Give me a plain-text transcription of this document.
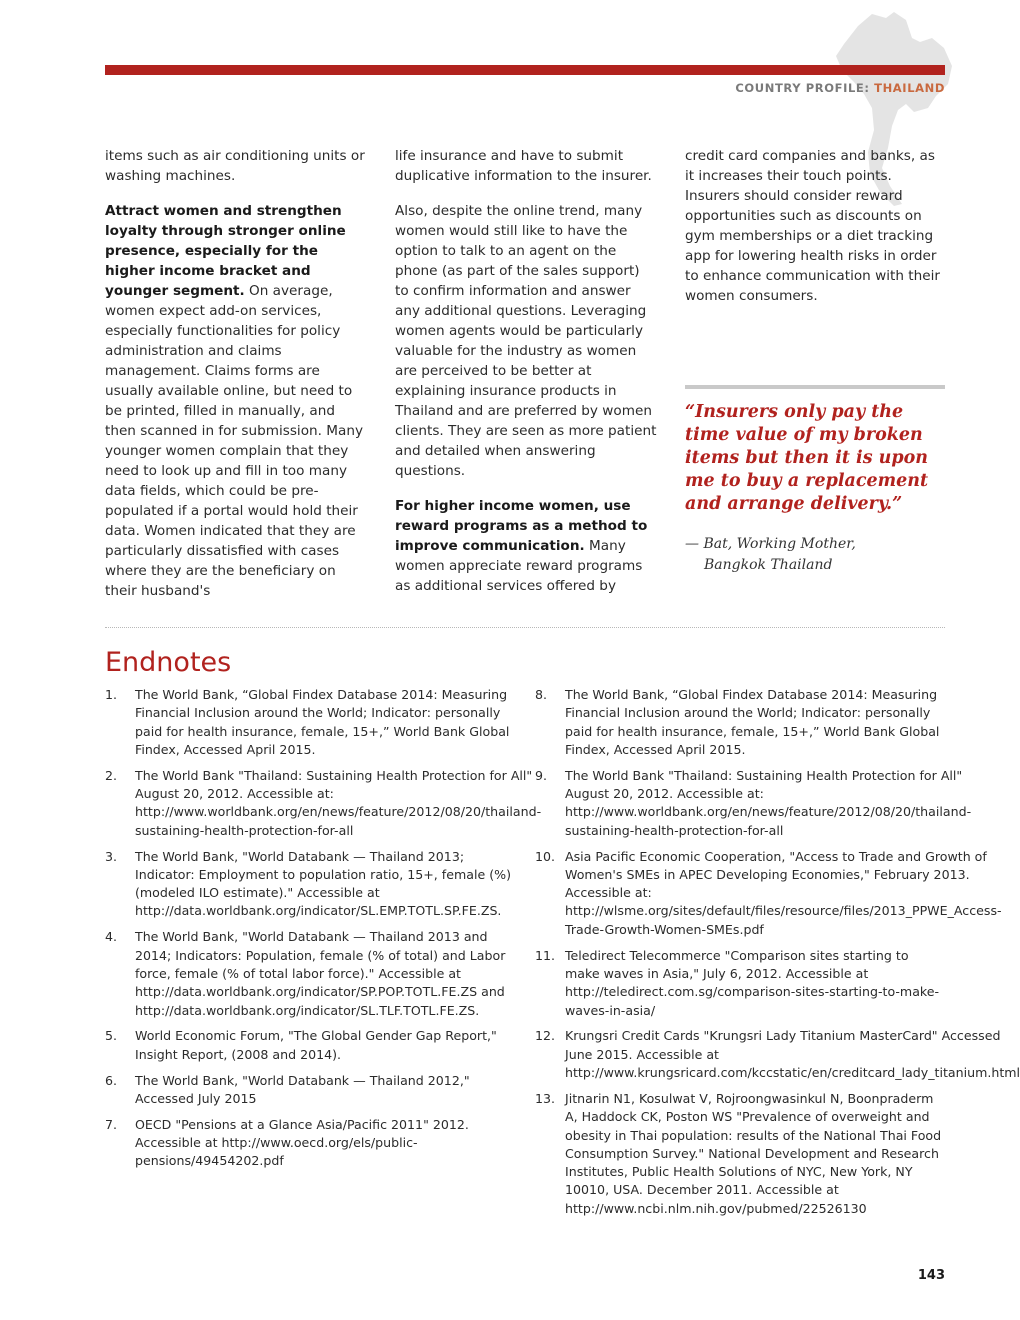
COUNTRY PROFILE: THAILAND

items such as air conditioning units or washing machines.

Attract women and strengthen loyalty through stronger online presence, especially for the higher income bracket and younger segment. On average, women expect add-on services, especially functionalities for policy administration and claims management. Claims forms are usually available online, but need to be printed, filled in manually, and then scanned in for submission. Many younger women complain that they need to look up and fill in too many data fields, which could be pre-populated if a portal would hold their data. Women indicated that they are particularly dissatisfied with cases where they are the beneficiary on their husband's

life insurance and have to submit duplicative information to the insurer.

Also, despite the online trend, many women would still like to have the option to talk to an agent on the phone (as part of the sales support) to confirm information and answer any additional questions. Leveraging women agents would be particularly valuable for the industry as women are perceived to be better at explaining insurance products in Thailand and are preferred by women clients. They are seen as more patient and detailed when answering questions.

For higher income women, use reward programs as a method to improve communication. Many women appreciate reward programs as additional services offered by

credit card companies and banks, as it increases their touch points. Insurers should consider reward opportunities such as discounts on gym memberships or a diet tracking app for lowering health risks in order to enhance communication with their women consumers.

“Insurers only pay the time value of my broken items but then it is upon me to buy a replacement and arrange delivery.”
— Bat, Working Mother,
Bangkok Thailand
Endnotes
1.	The World Bank, “Global Findex Database 2014: Measuring Financial Inclusion around the World; Indicator: personally paid for health insurance, female, 15+,” World Bank Global Findex, Accessed April 2015.
2.	The World Bank "Thailand: Sustaining Health Protection for All" August 20, 2012. Accessible at: http://www.worldbank.org/en/news/feature/2012/08/20/thailand-sustaining-health-protection-for-all
3.	The World Bank, "World Databank — Thailand 2013; Indicator: Employment to population ratio, 15+, female (%) (modeled ILO estimate)." Accessible at http://data.worldbank.org/indicator/SL.EMP.TOTL.SP.FE.ZS.
4.	The World Bank, "World Databank — Thailand 2013 and 2014; Indicators: Population, female (% of total) and Labor force, female (% of total labor force)." Accessible at http://data.worldbank.org/indicator/SP.POP.TOTL.FE.ZS and http://data.worldbank.org/indicator/SL.TLF.TOTL.FE.ZS.
5.	World Economic Forum, "The Global Gender Gap Report," Insight Report, (2008 and 2014).
6.	The World Bank, "World Databank — Thailand 2012," Accessed July 2015
7.	OECD "Pensions at a Glance Asia/Pacific 2011" 2012. Accessible at http://www.oecd.org/els/public-pensions/49454202.pdf
8.	The World Bank, “Global Findex Database 2014: Measuring Financial Inclusion around the World; Indicator: personally paid for health insurance, female, 15+,” World Bank Global Findex, Accessed April 2015.
9.	The World Bank "Thailand: Sustaining Health Protection for All" August 20, 2012. Accessible at: http://www.worldbank.org/en/news/feature/2012/08/20/thailand-sustaining-health-protection-for-all
10. Asia Pacific Economic Cooperation, "Access to Trade and Growth of Women's SMEs in APEC Developing Economies," February 2013. Accessible at: http://wlsme.org/sites/default/files/resource/files/2013_PPWE_Access-Trade-Growth-Women-SMEs.pdf
11. Teledirect Telecommerce "Comparison sites starting to make waves in Asia," July 6, 2012. Accessible at http://teledirect.com.sg/comparison-sites-starting-to-make-waves-in-asia/
12. Krungsri Credit Cards "Krungsri Lady Titanium MasterCard" Accessed June 2015. Accessible at http://www.krungsricard.com/kccstatic/en/creditcard_lady_titanium.html
13. Jitnarin N1, Kosulwat V, Rojroongwasinkul N, Boonpraderm A, Haddock CK, Poston WS "Prevalence of overweight and obesity in Thai population: results of the National Thai Food Consumption Survey." National Development and Research Institutes, Public Health Solutions of NYC, New York, NY 10010, USA. December 2011. Accessible at http://www.ncbi.nlm.nih.gov/pubmed/22526130
143
